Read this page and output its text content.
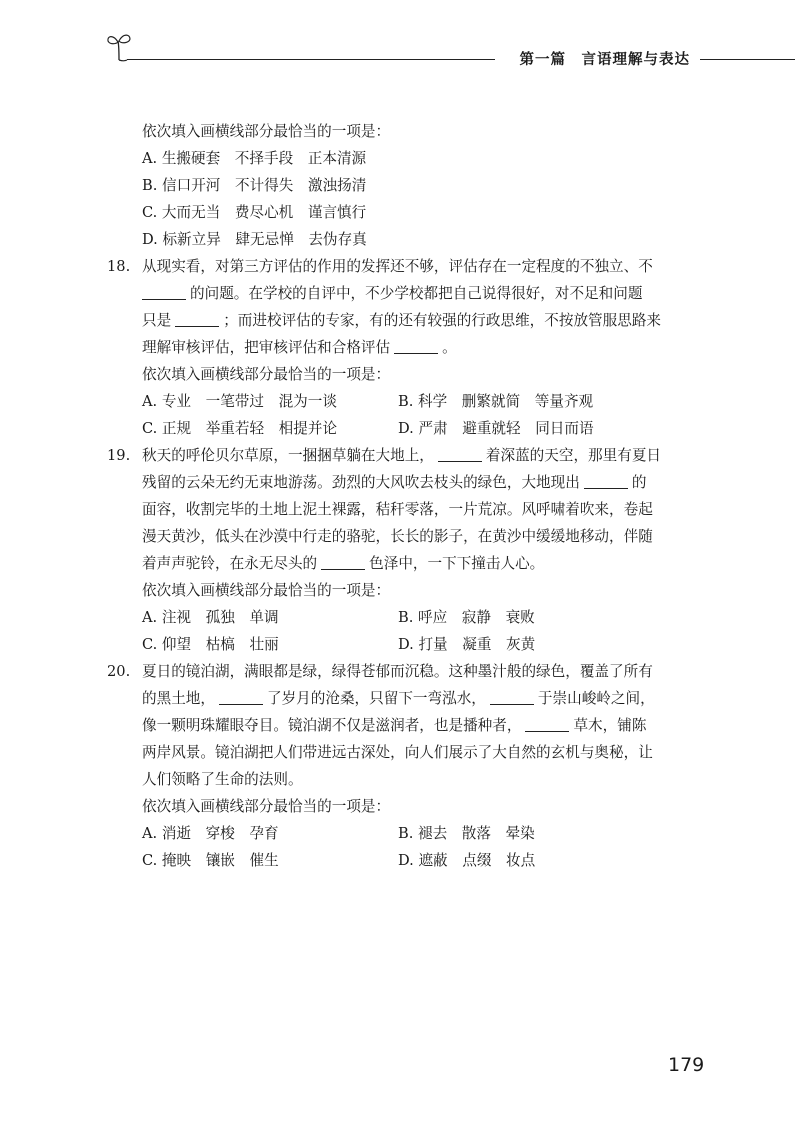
第一篇　言语理解与表达
依次填入画横线部分最恰当的一项是：
A. 生搬硬套　不择手段　正本清源
B. 信口开河　不计得失　激浊扬清
C. 大而无当　费尽心机　谨言慎行
D. 标新立异　肆无忌惮　去伪存真
18. 从现实看，对第三方评估的作用的发挥还不够，评估存在一定程度的不独立、不
的问题。在学校的自评中，不少学校都把自己说得很好，对不足和问题
只是	；而进校评估的专家，有的还有较强的行政思维，不按放管服思路来
理解审核评估，把审核评估和合格评估	。
依次填入画横线部分最恰当的一项是：
A. 专业　一笔带过　混为一谈	B. 科学　删繁就简　等量齐观
C. 正规　举重若轻　相提并论	D. 严肃　避重就轻　同日而语
19. 秋天的呼伦贝尔草原，一捆捆草躺在大地上，	着深蓝的天空，那里有夏日
残留的云朵无约无束地游荡。劲烈的大风吹去枝头的绿色，大地现出	的
面容，收割完毕的土地上泥土裸露，秸秆零落，一片荒凉。风呼啸着吹来，卷起
漫天黄沙，低头在沙漠中行走的骆驼，长长的影子，在黄沙中缓缓地移动，伴随
着声声驼铃，在永无尽头的	色泽中，一下下撞击人心。
依次填入画横线部分最恰当的一项是：
A. 注视　孤独　单调	B. 呼应　寂静　衰败
C. 仰望　枯槁　壮丽	D. 打量　凝重　灰黄
20. 夏日的镜泊湖，满眼都是绿，绿得苍郁而沉稳。这种墨汁般的绿色，覆盖了所有
的黑土地，	了岁月的沧桑，只留下一弯泓水，	于崇山峻岭之间，
像一颗明珠耀眼夺目。镜泊湖不仅是滋润者，也是播种者，	草木，铺陈
两岸风景。镜泊湖把人们带进远古深处，向人们展示了大自然的玄机与奥秘，让
人们领略了生命的法则。
依次填入画横线部分最恰当的一项是：
A. 消逝　穿梭　孕育	B. 褪去　散落　晕染
C. 掩映　镶嵌　催生	D. 遮蔽　点缀　妆点
179
